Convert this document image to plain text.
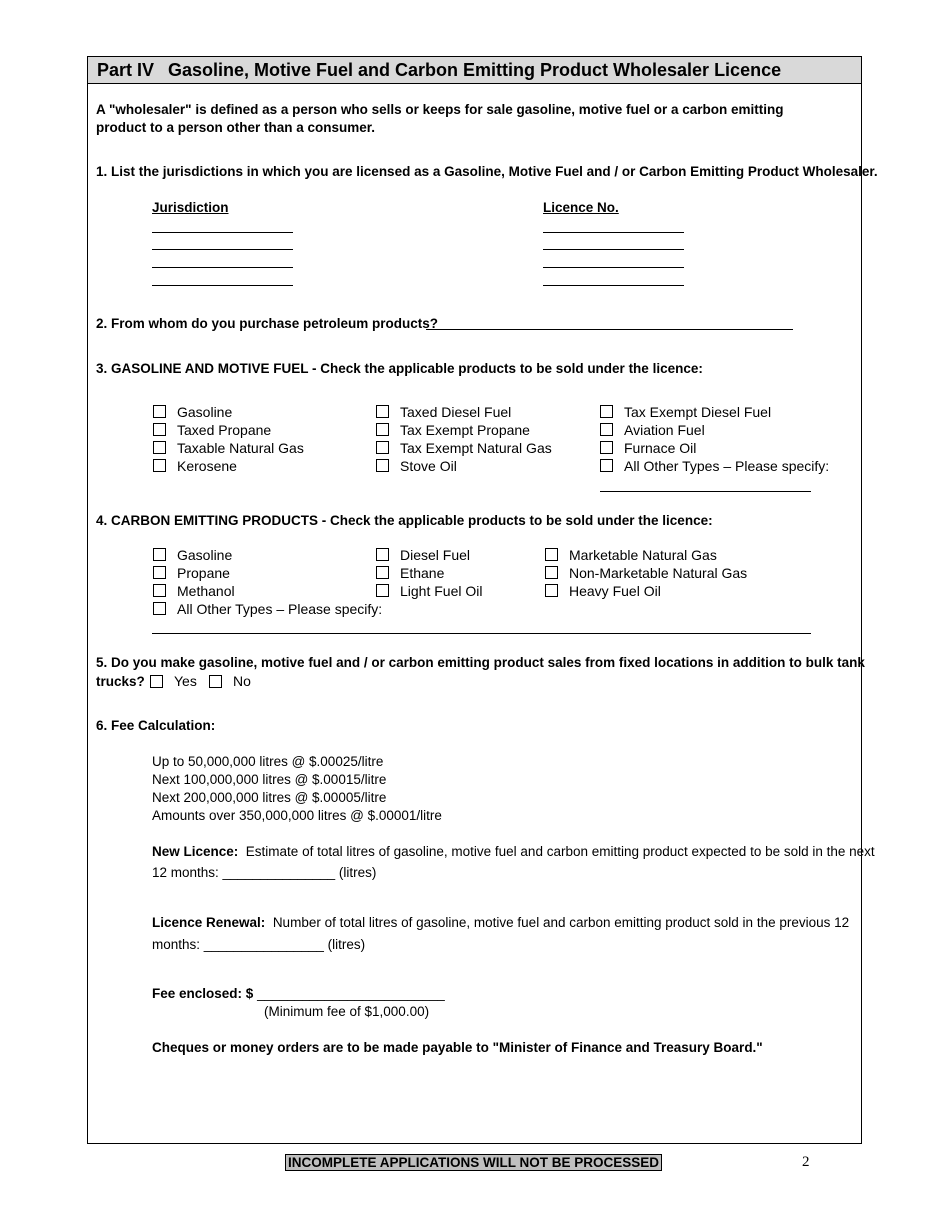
Part IV Gasoline, Motive Fuel and Carbon Emitting Product Wholesaler Licence
A "wholesaler" is defined as a person who sells or keeps for sale gasoline, motive fuel or a carbon emitting product to a person other than a consumer.
1. List the jurisdictions in which you are licensed as a Gasoline, Motive Fuel and / or Carbon Emitting Product Wholesaler.
Jurisdiction	Licence No.
2. From whom do you purchase petroleum products?
3. GASOLINE AND MOTIVE FUEL - Check the applicable products to be sold under the licence:
Gasoline
Taxed Propane
Taxable Natural Gas
Kerosene
Taxed Diesel Fuel
Tax Exempt Propane
Tax Exempt Natural Gas
Stove Oil
Tax Exempt Diesel Fuel
Aviation Fuel
Furnace Oil
All Other Types – Please specify:
4. CARBON EMITTING PRODUCTS - Check the applicable products to be sold under the licence:
Gasoline
Propane
Methanol
All Other Types – Please specify:
Diesel Fuel
Ethane
Light Fuel Oil
Marketable Natural Gas
Non-Marketable Natural Gas
Heavy Fuel Oil
5. Do you make gasoline, motive fuel and / or carbon emitting product sales from fixed locations in addition to bulk tank
trucks? Yes	No
6. Fee Calculation:
Up to 50,000,000 litres @ $.00025/litre
Next 100,000,000 litres @ $.00015/litre
Next 200,000,000 litres @ $.00005/litre
Amounts over 350,000,000 litres @ $.00001/litre
New Licence: Estimate of total litres of gasoline, motive fuel and carbon emitting product expected to be sold in the next
12 months: _______________ (litres)
Licence Renewal: Number of total litres of gasoline, motive fuel and carbon emitting product sold in the previous 12
months: ________________ (litres)
Fee enclosed: $ _________________________
(Minimum fee of $1,000.00)
Cheques or money orders are to be made payable to "Minister of Finance and Treasury Board."
INCOMPLETE APPLICATIONS WILL NOT BE PROCESSED	2
